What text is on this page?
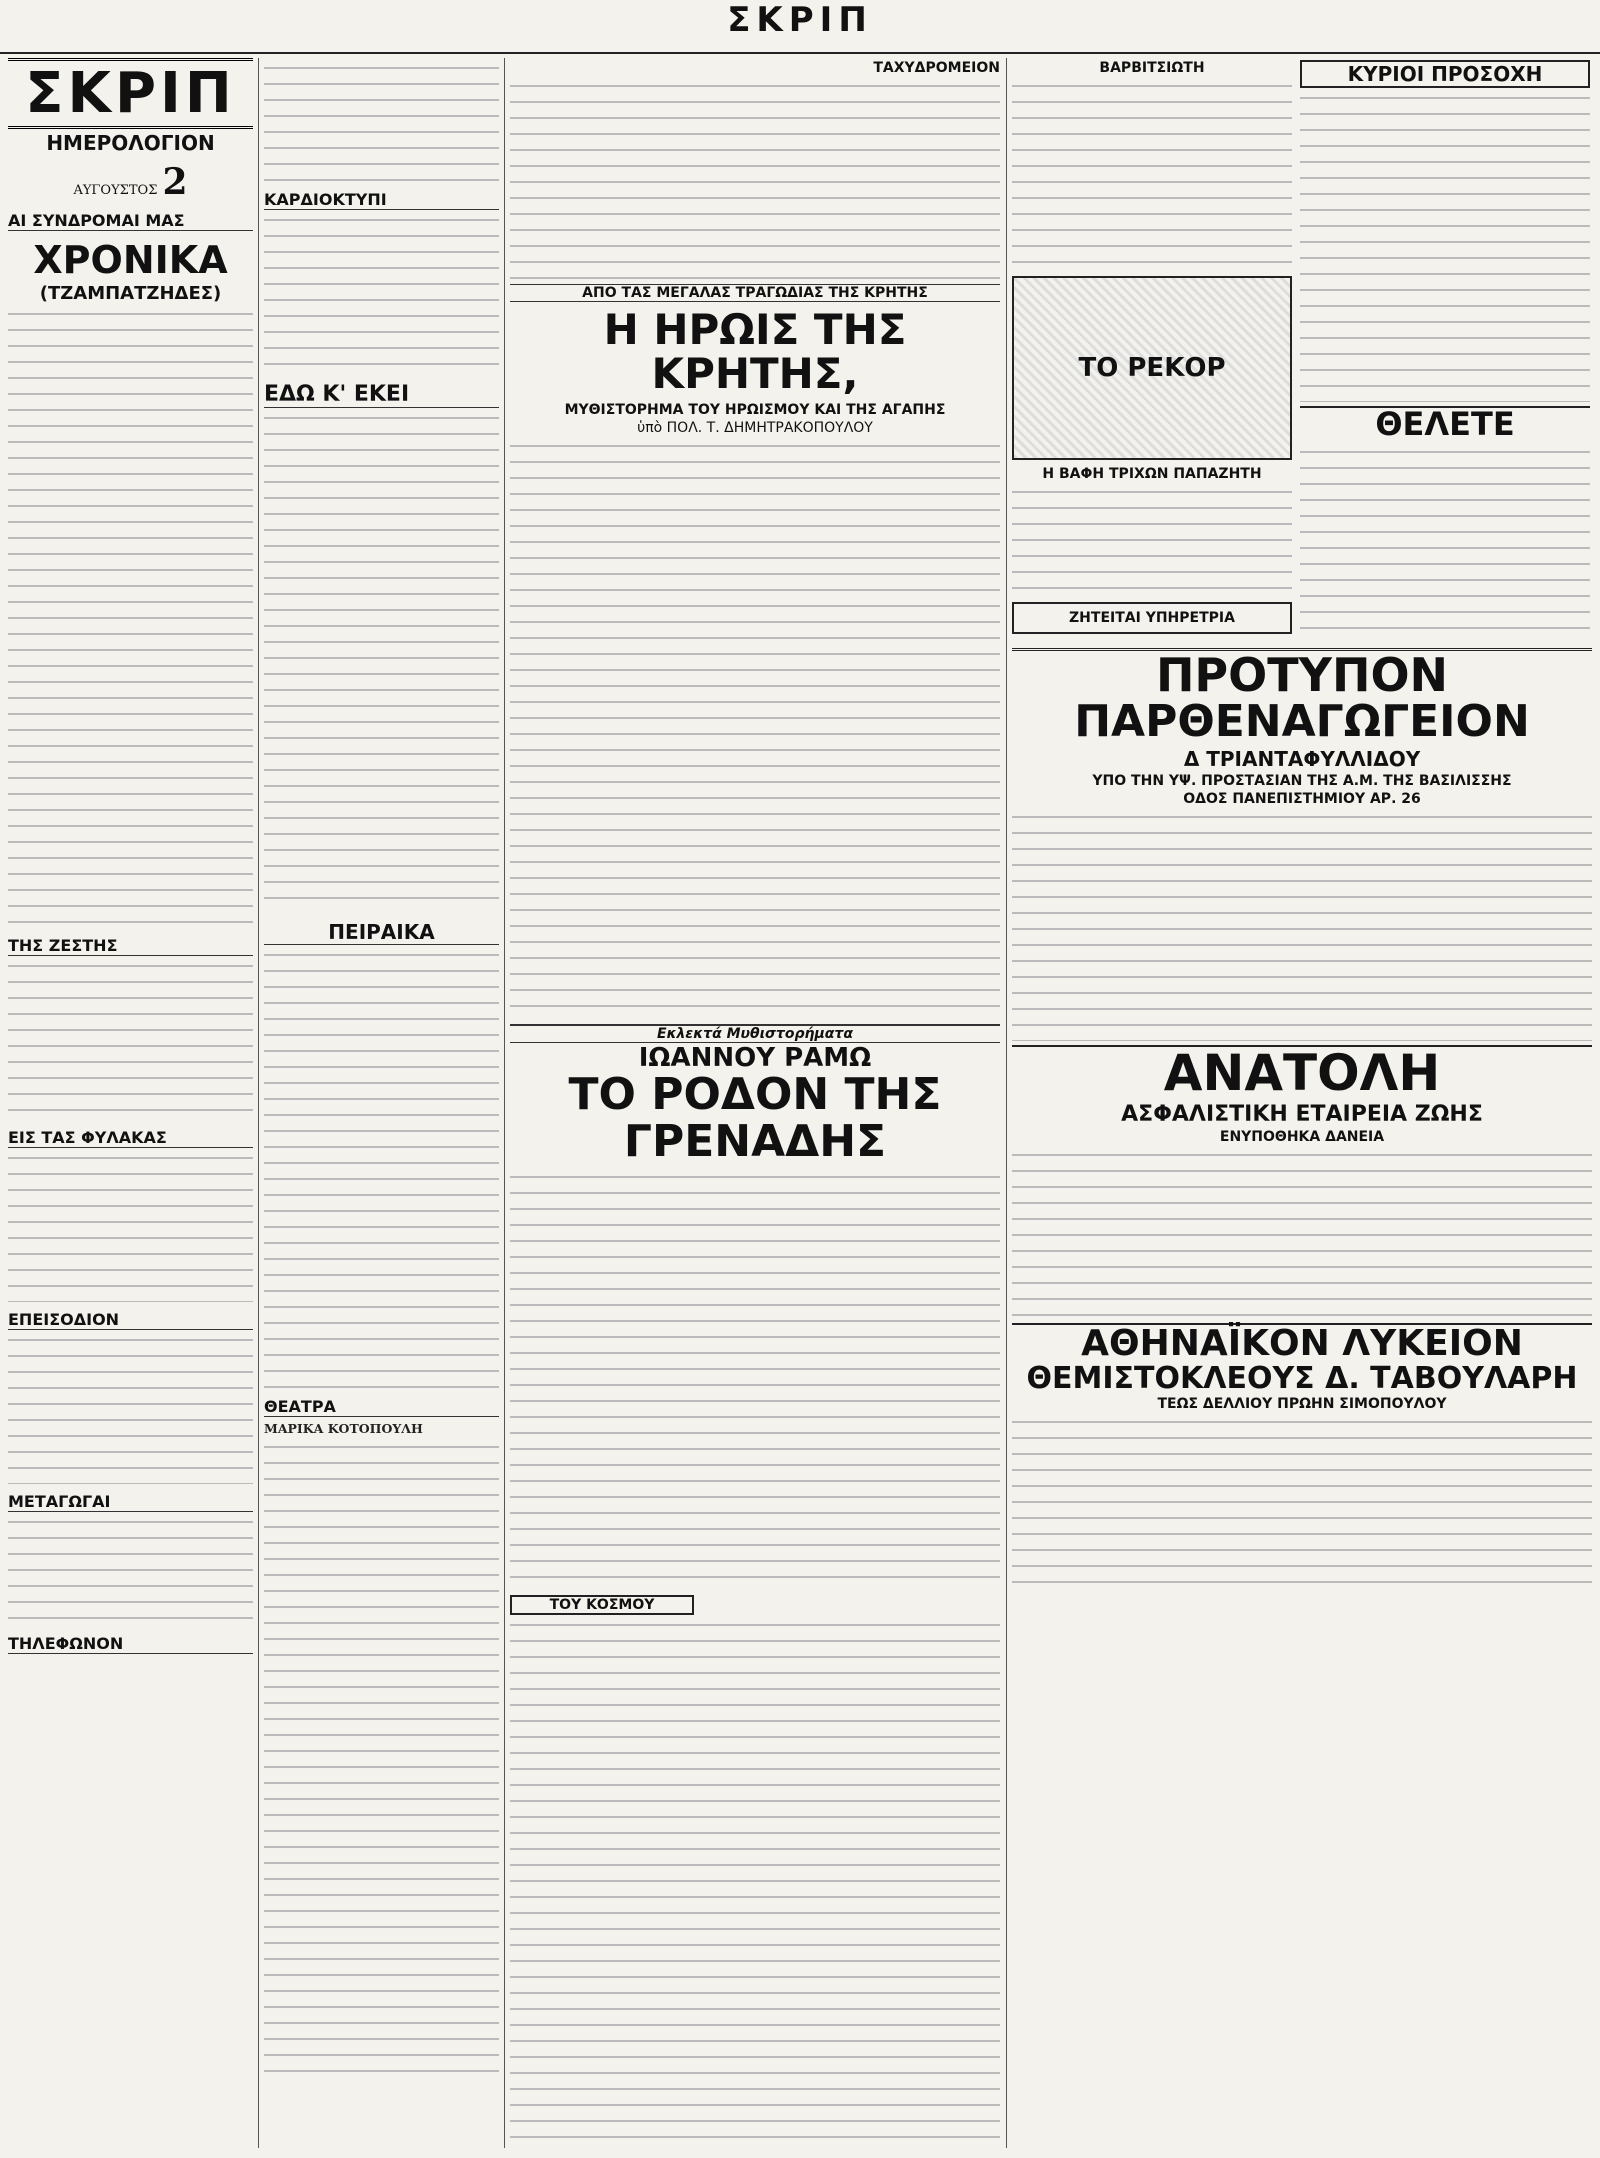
ΣΚΡΙΠ
ΣΚΡΙΠ
ΗΜΕΡΟΛΟΓΙΟΝ
ΑΥΓΟΥΣΤΟΣ 2
ΑΙ ΣΥΝΔΡΟΜΑΙ ΜΑΣ
ΧΡΟΝΙΚΑ
(ΤΖΑΜΠΑΤΖΗΔΕΣ)

ΤΗΣ ΖΕΣΤΗΣ

ΕΙΣ ΤΑΣ ΦΥΛΑΚΑΣ

ΕΠΕΙΣΟΔΙΟΝ

ΜΕΤΑΓΩΓΑΙ

ΤΗΛΕΦΩΝΟΝ

ΚΑΡΔΙΟΚΤΥΠΙ

ΕΔΩ Κ' ΕΚΕΙ

ΠΕΙΡΑΙΚΑ

ΘΕΑΤΡΑ

ΜΑΡΙΚΑ ΚΟΤΟΠΟΥΛΗ

ΤΑΧΥΔΡΟΜΕΙΟΝ

ΑΠΟ ΤΑΣ ΜΕΓΑΛΑΣ ΤΡΑΓΩΔΙΑΣ ΤΗΣ ΚΡΗΤΗΣ
Η ΗΡΩΙΣ ΤΗΣ ΚΡΗΤΗΣ,
ΜΥΘΙΣΤΟΡΗΜΑ ΤΟΥ ΗΡΩΙΣΜΟΥ ΚΑΙ ΤΗΣ ΑΓΑΠΗΣ
ὑπὸ ΠΟΛ. Τ. ΔΗΜΗΤΡΑΚΟΠΟΥΛΟΥ

Εκλεκτά Μυθιστορήματα
ΙΩΑΝΝΟΥ ΡΑΜΩ
ΤΟ ΡΟΔΟΝ ΤΗΣ ΓΡΕΝΑΔΗΣ

ΤΟΥ ΚΟΣΜΟΥ

ΒΑΡΒΙΤΣΙΩΤΗ

ΤΟ ΡΕΚΟΡ
Η ΒΑΦΗ ΤΡΙΧΩΝ ΠΑΠΑΖΗΤΗ

ΖΗΤΕΙΤΑΙ ΥΠΗΡΕΤΡΙΑ
ΚΥΡΙΟΙ ΠΡΟΣΟΧΗ

ΘΕΛΕΤΕ

ΠΡΟΤΥΠΟΝ
ΠΑΡΘΕΝΑΓΩΓΕΙΟΝ
Δ ΤΡΙΑΝΤΑΦΥΛΛΙΔΟΥ
ΥΠΟ ΤΗΝ ΥΨ. ΠΡΟΣΤΑΣΙΑΝ ΤΗΣ Α.Μ. ΤΗΣ ΒΑΣΙΛΙΣΣΗΣ
ΟΔΟΣ ΠΑΝΕΠΙΣΤΗΜΙΟΥ ΑΡ. 26

ΑΝΑΤΟΛΗ
ΑΣΦΑΛΙΣΤΙΚΗ ΕΤΑΙΡΕΙΑ ΖΩΗΣ
ΕΝΥΠΟΘΗΚΑ ΔΑΝΕΙΑ

ΑΘΗΝΑΪΚΟΝ ΛΥΚΕΙΟΝ
ΘΕΜΙΣΤΟΚΛΕΟΥΣ Δ. ΤΑΒΟΥΛΑΡΗ
ΤΕΩΣ ΔΕΛΛΙΟΥ ΠΡΩΗΝ ΣΙΜΟΠΟΥΛΟΥ
